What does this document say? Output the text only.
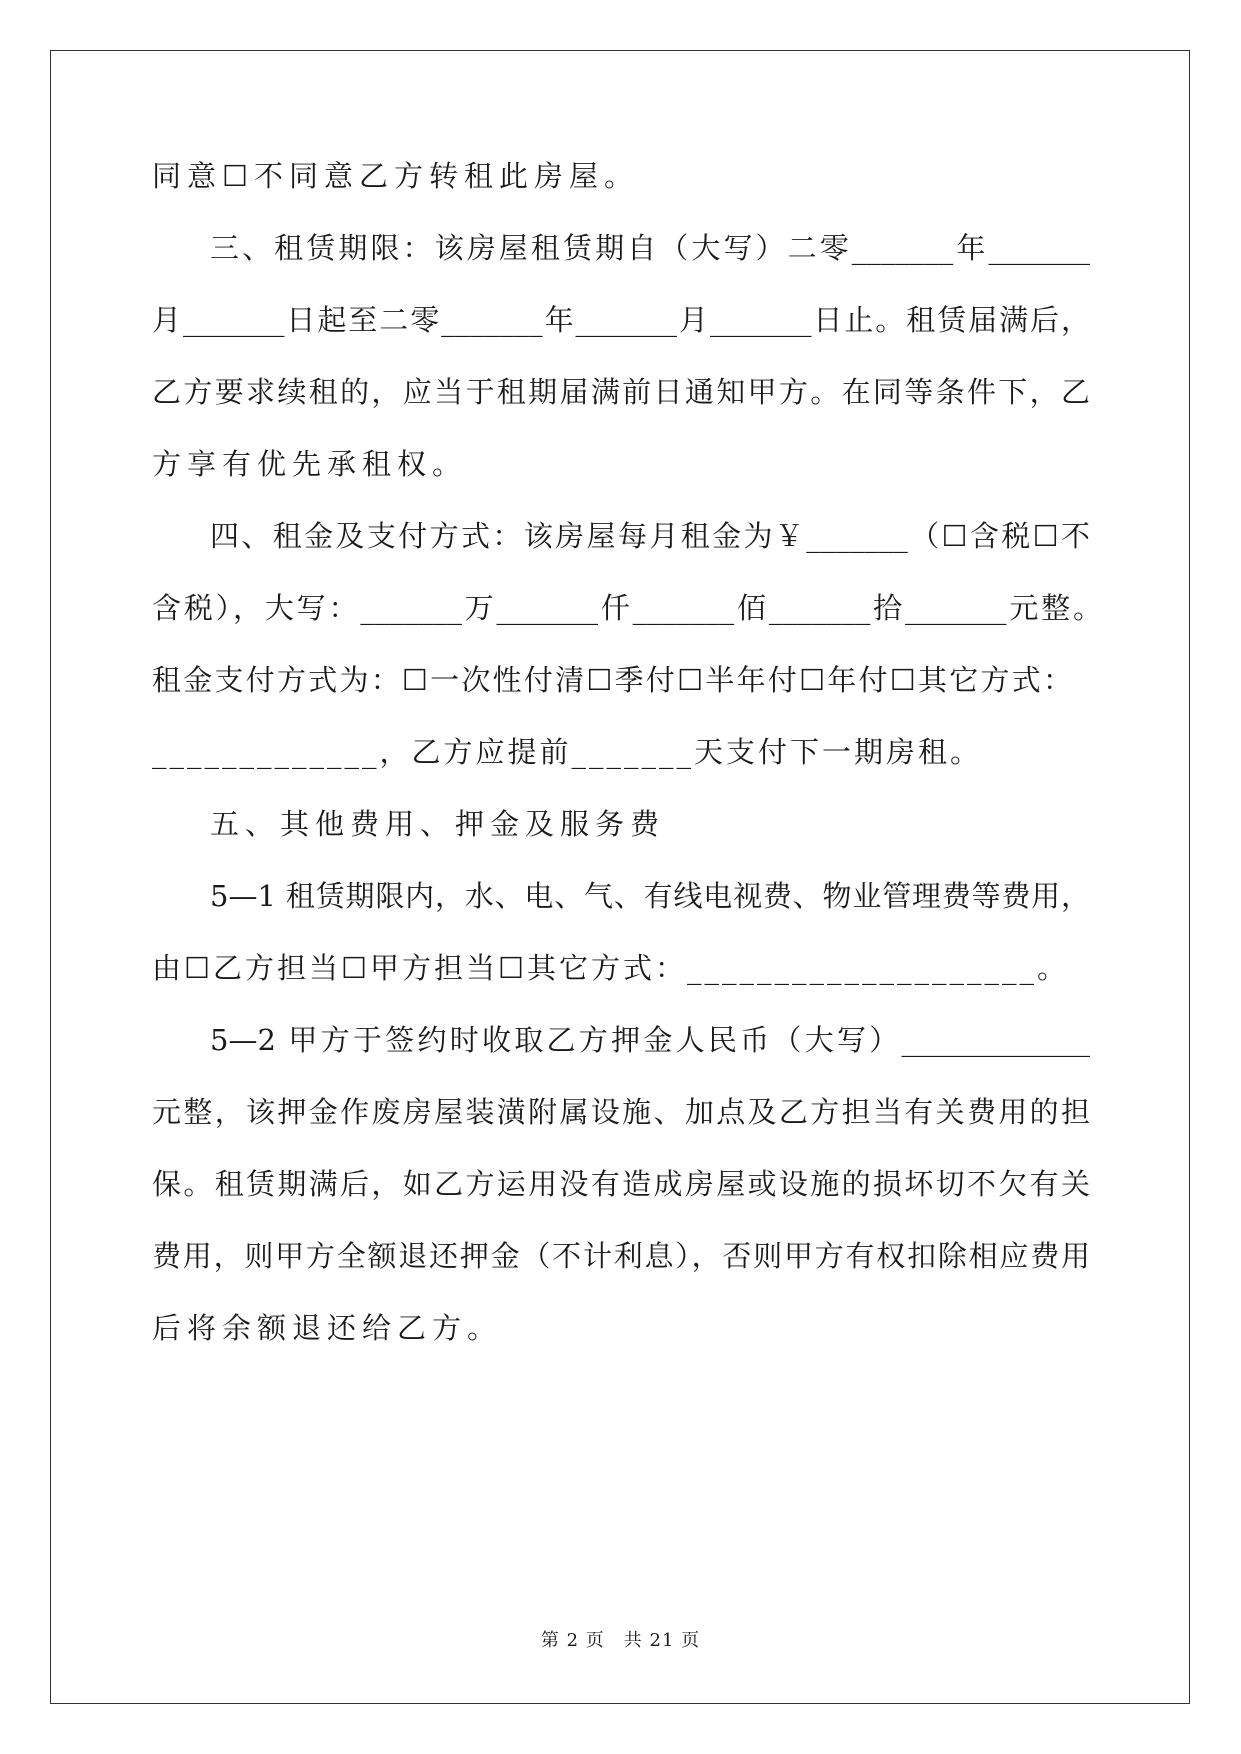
同意☐不同意乙方转租此房屋。
三、租赁期限：该房屋租赁期自（大写）二零_______年_______
月_______日起至二零_______年_______月_______日止。租赁届满后，
乙方要求续租的，应当于租期届满前日通知甲方。在同等条件下，乙
方享有优先承租权。
四、租金及支付方式：该房屋每月租金为￥_______（☐含税☐不
含税），大写：_______万_______仟_______佰_______拾_______元整。
租金支付方式为：☐一次性付清☐季付☐半年付☐年付☐其它方式：
_____________，乙方应提前_______天支付下一期房租。
五、其他费用、押金及服务费
5—1 租赁期限内，水、电、气、有线电视费、物业管理费等费用，
由☐乙方担当☐甲方担当☐其它方式：____________________。
5—2 甲方于签约时收取乙方押金人民币（大写）_____________
元整，该押金作废房屋装潢附属设施、加点及乙方担当有关费用的担
保。租赁期满后，如乙方运用没有造成房屋或设施的损坏切不欠有关
费用，则甲方全额退还押金（不计利息），否则甲方有权扣除相应费用
后将余额退还给乙方。
第 2 页　共 21 页
